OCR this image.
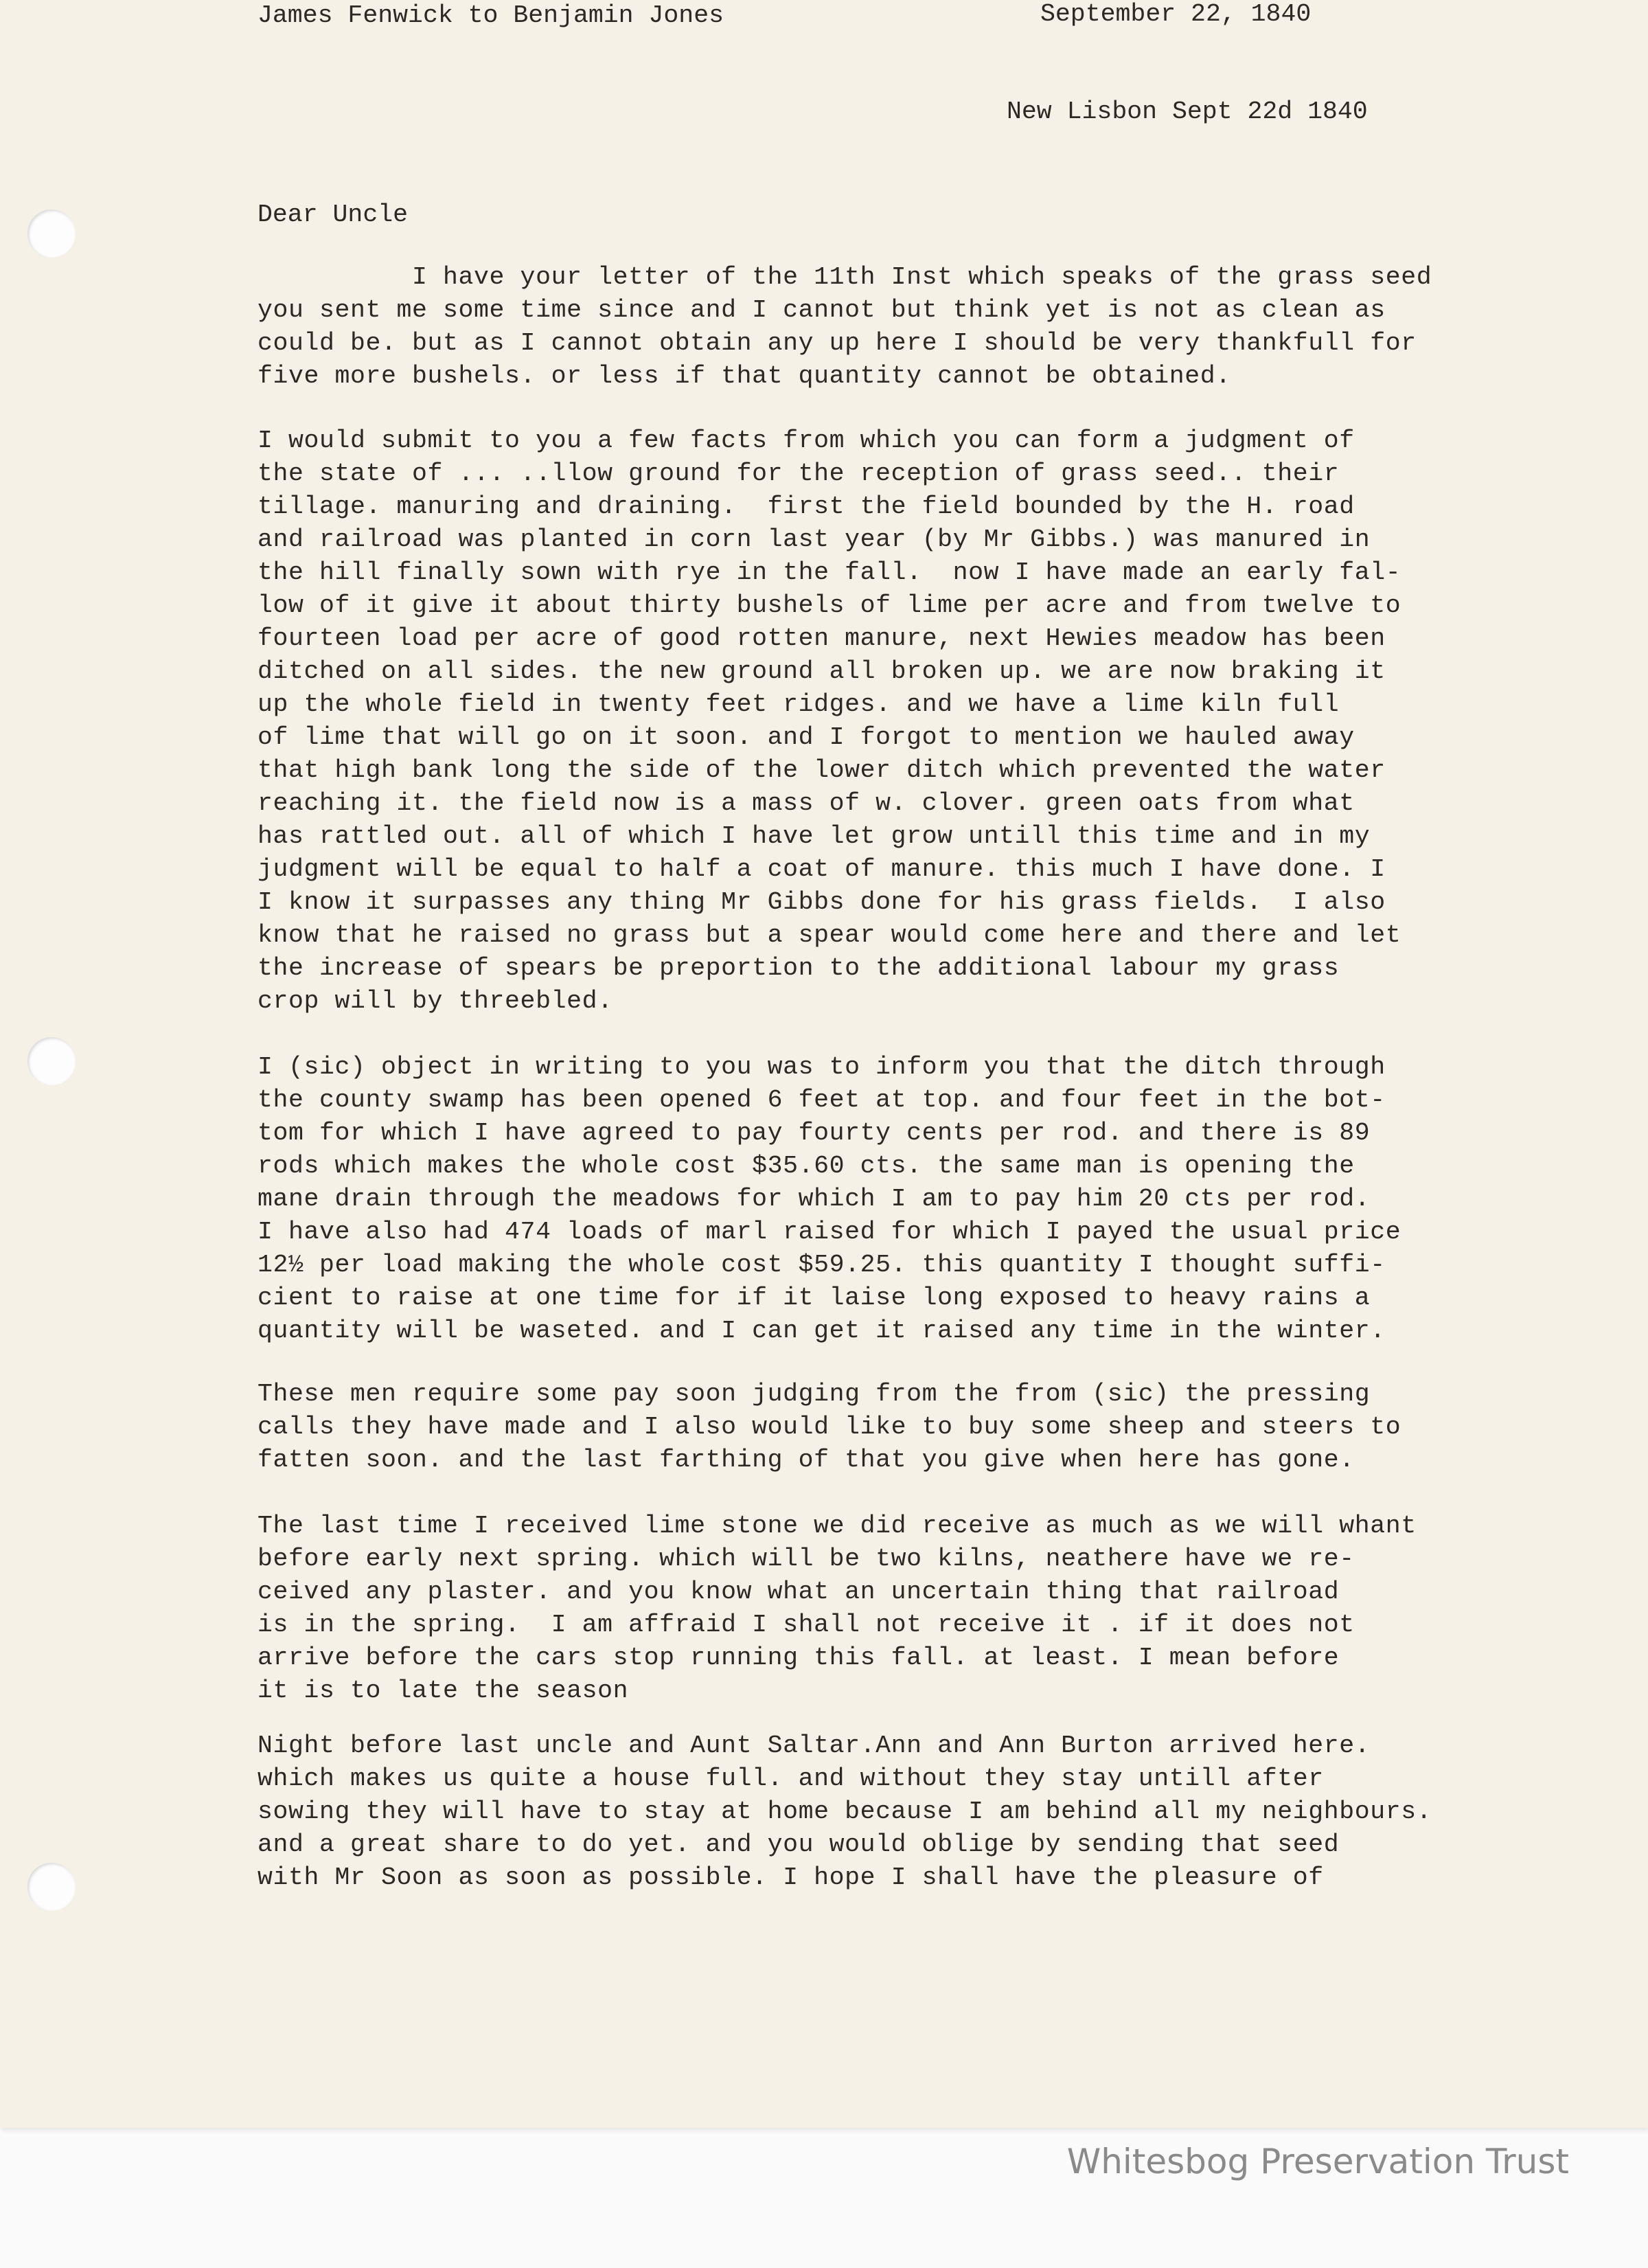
James Fenwick to Benjamin Jones	September 22, 1840

New Lisbon Sept 22d 1840

Dear Uncle

I have your letter of the 11th Inst which speaks of the grass seed

you sent me some time since and I cannot but think yet is not as clean as

could be. but as I cannot obtain any up here I should be very thankfull for

five more bushels. or less if that quantity cannot be obtained.

I would submit to you a few facts from which you can form a judgment of

the state of ... ..llow ground for the reception of grass seed.. their

tillage. manuring and draining.  first the field bounded by the H. road

and railroad was planted in corn last year (by Mr Gibbs.) was manured in

the hill finally sown with rye in the fall.  now I have made an early fal-

low of it give it about thirty bushels of lime per acre and from twelve to

fourteen load per acre of good rotten manure, next Hewies meadow has been

ditched on all sides. the new ground all broken up. we are now braking it

up the whole field in twenty feet ridges. and we have a lime kiln full

of lime that will go on it soon. and I forgot to mention we hauled away

that high bank long the side of the lower ditch which prevented the water

reaching it. the field now is a mass of w. clover. green oats from what

has rattled out. all of which I have let grow untill this time and in my

judgment will be equal to half a coat of manure. this much I have done. I

I know it surpasses any thing Mr Gibbs done for his grass fields.  I also

know that he raised no grass but a spear would come here and there and let

the increase of spears be preportion to the additional labour my grass

crop will by threebled.

I (sic) object in writing to you was to inform you that the ditch through

the county swamp has been opened 6 feet at top. and four feet in the bot-

tom for which I have agreed to pay fourty cents per rod. and there is 89

rods which makes the whole cost $35.60 cts. the same man is opening the

mane drain through the meadows for which I am to pay him 20 cts per rod.

I have also had 474 loads of marl raised for which I payed the usual price

12½ per load making the whole cost $59.25. this quantity I thought suffi-

cient to raise at one time for if it laise long exposed to heavy rains a

quantity will be waseted. and I can get it raised any time in the winter.

These men require some pay soon judging from the from (sic) the pressing

calls they have made and I also would like to buy some sheep and steers to

fatten soon. and the last farthing of that you give when here has gone.

The last time I received lime stone we did receive as much as we will whant

before early next spring. which will be two kilns, neathere have we re-

ceived any plaster. and you know what an uncertain thing that railroad

is in the spring.  I am affraid I shall not receive it . if it does not

arrive before the cars stop running this fall. at least. I mean before

it is to late the season

Night before last uncle and Aunt Saltar.Ann and Ann Burton arrived here.

which makes us quite a house full. and without they stay untill after

sowing they will have to stay at home because I am behind all my neighbours.

and a great share to do yet. and you would oblige by sending that seed

with Mr Soon as soon as possible. I hope I shall have the pleasure of

Whitesbog Preservation Trust
